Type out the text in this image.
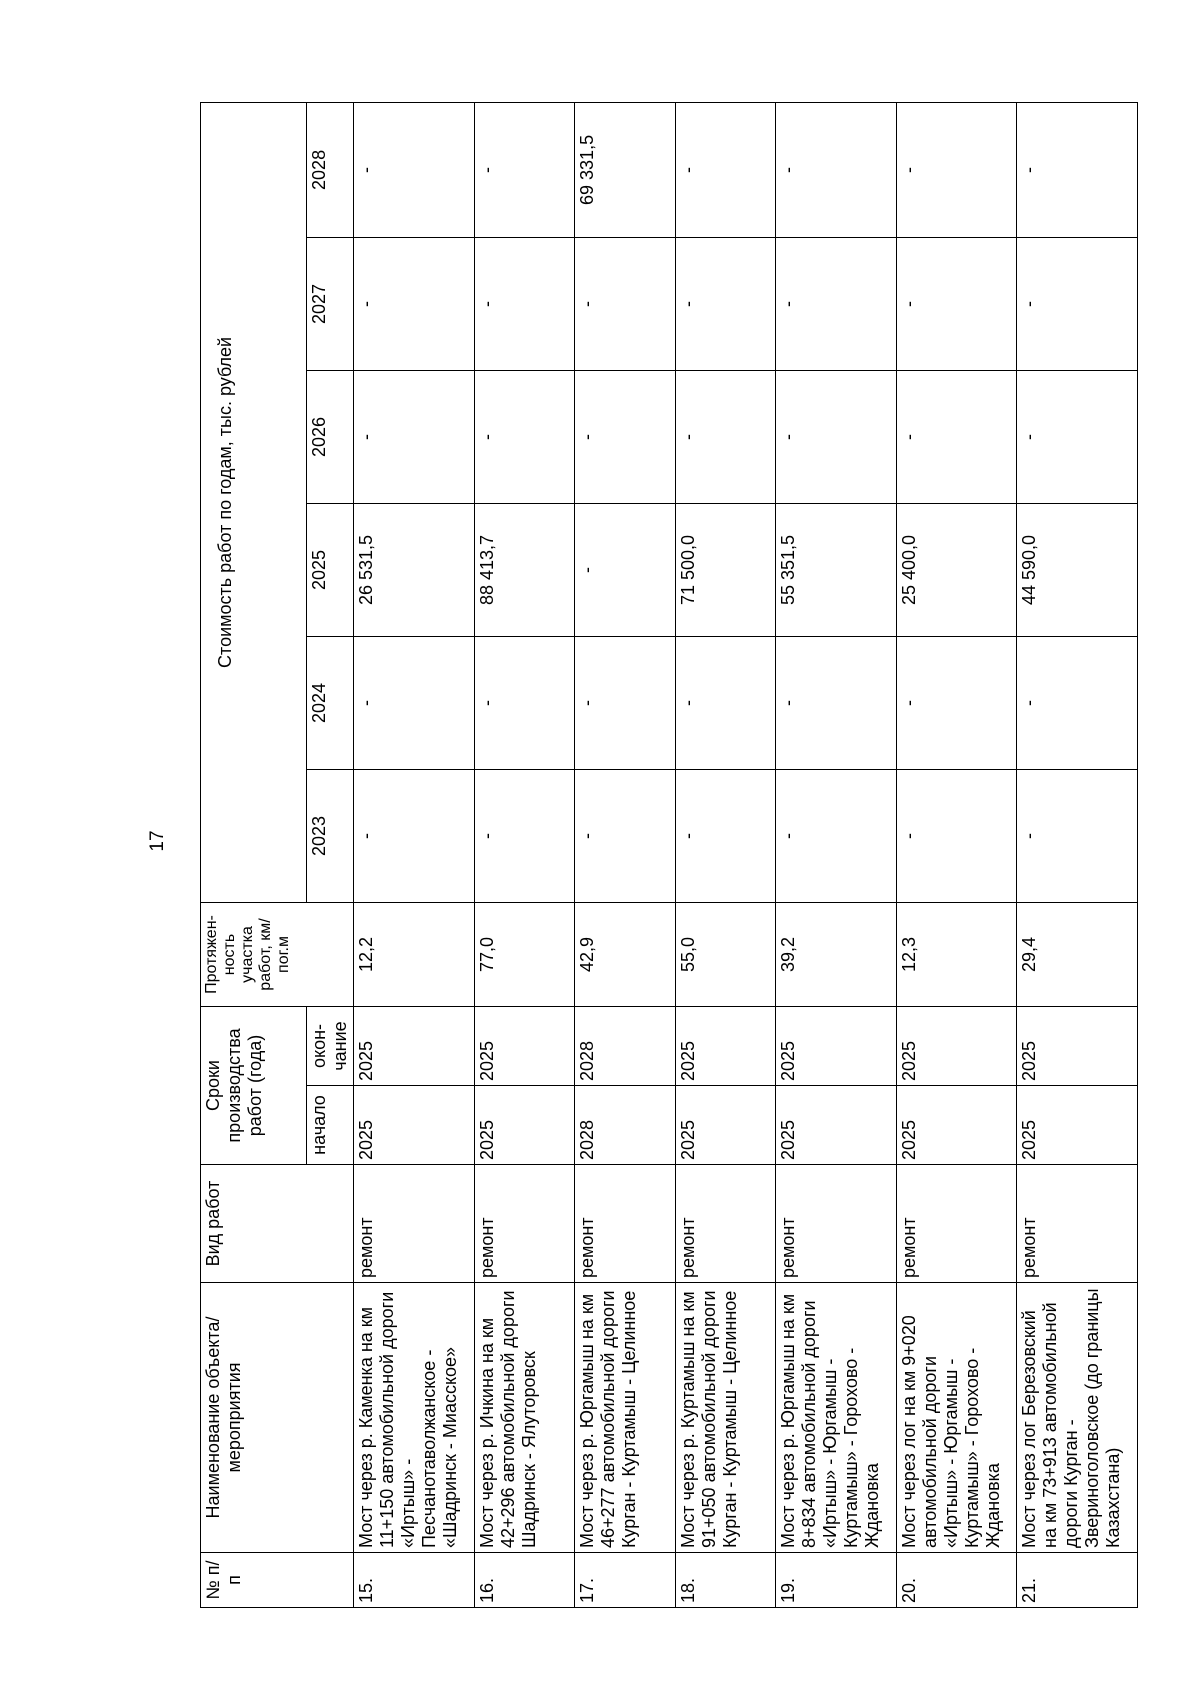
17
№ п/п	Наименование объекта/ мероприятия	Вид работ	Сроки производства работ (года)		Протяжен-ность участка работ, км/пог.м	Стоимость работ по годам, тыс. рублей					
			начало	окон-чание		2023	2024	2025	2026	2027	2028
15.	Мост через р. Каменка на км 11+150 автомобильной дороги «Иртыш» - Песчанотаволжанское - «Шадринск - Миасское»	ремонт	2025	2025	12,2	-	-	26 531,5	-	-	-
16.	Мост через р. Ичкина на км 42+296 автомобильной дороги Шадринск - Ялуторовск	ремонт	2025	2025	77,0	-	-	88 413,7	-	-	-
17.	Мост через р. Юргамыш на км 46+277 автомобильной дороги Курган - Куртамыш - Целинное	ремонт	2028	2028	42,9	-	-	-	-	-	69 331,5
18.	Мост через р. Куртамыш на км 91+050 автомобильной дороги Курган - Куртамыш - Целинное	ремонт	2025	2025	55,0	-	-	71 500,0	-	-	-
19.	Мост через р. Юргамыш на км 8+834 автомобильной дороги «Иртыш» - Юргамыш - Куртамыш» - Горохово - Ждановка	ремонт	2025	2025	39,2	-	-	55 351,5	-	-	-
20.	Мост через лог на км 9+020 автомобильной дороги «Иртыш» - Юргамыш - Куртамыш» - Горохово - Ждановка	ремонт	2025	2025	12,3	-	-	25 400,0	-	-	-
21.	Мост через лог Березовский на км 73+913 автомобильной дороги Курган - Звериноголовское (до границы Казахстана)	ремонт	2025	2025	29,4	-	-	44 590,0	-	-	-
